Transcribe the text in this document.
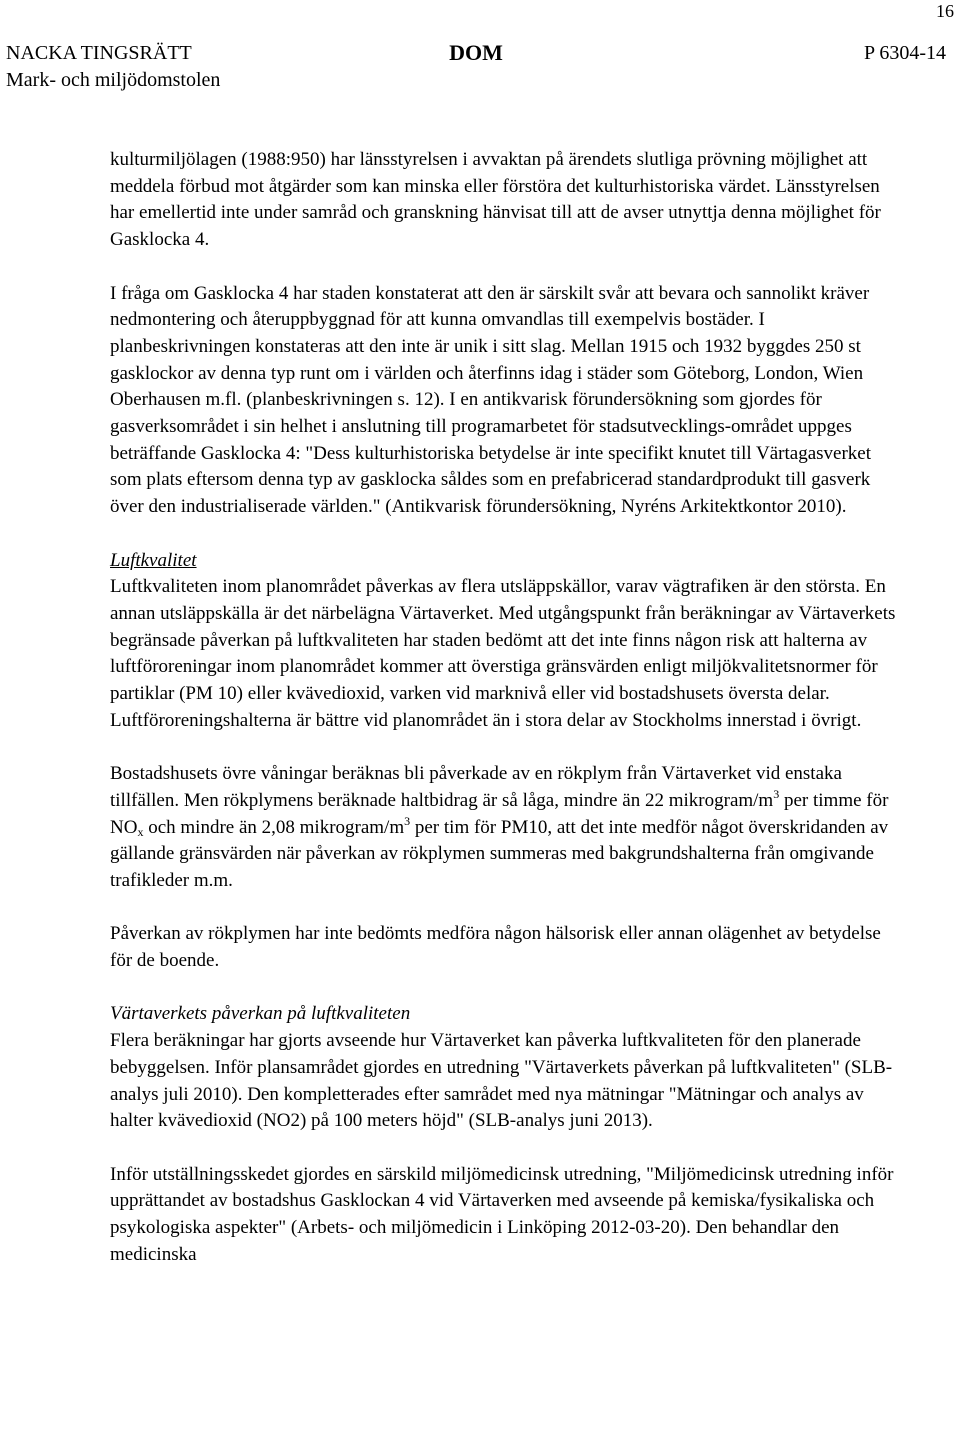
16
NACKA TINGSRÄTT
Mark- och miljödomstolen
DOM	P 6304-14

kulturmiljölagen (1988:950) har länsstyrelsen i avvaktan på ärendets slutliga prövning möjlighet att meddela förbud mot åtgärder som kan minska eller förstöra det kulturhistoriska värdet. Länsstyrelsen har emellertid inte under samråd och granskning hänvisat till att de avser utnyttja denna möjlighet för Gasklocka 4.

I fråga om Gasklocka 4 har staden konstaterat att den är särskilt svår att bevara och sannolikt kräver nedmontering och återuppbyggnad för att kunna omvandlas till exempelvis bostäder. I planbeskrivningen konstateras att den inte är unik i sitt slag. Mellan 1915 och 1932 byggdes 250 st gasklockor av denna typ runt om i världen och återfinns idag i städer som Göteborg, London, Wien Oberhausen m.fl. (planbeskrivningen s. 12). I en antikvarisk förundersökning som gjordes för gasverksområdet i sin helhet i anslutning till programarbetet för stadsutvecklings-området uppges beträffande Gasklocka 4: "Dess kulturhistoriska betydelse är inte specifikt knutet till Värtagasverket som plats eftersom denna typ av gasklocka såldes som en prefabricerad standardprodukt till gasverk över den industrialiserade världen." (Antikvarisk förundersökning, Nyréns Arkitektkontor 2010).

Luftkvalitet

Luftkvaliteten inom planområdet påverkas av flera utsläppskällor, varav vägtrafiken är den största. En annan utsläppskälla är det närbelägna Värtaverket. Med utgångspunkt från beräkningar av Värtaverkets begränsade påverkan på luftkvaliteten har staden bedömt att det inte finns någon risk att halterna av luftföroreningar inom planområdet kommer att överstiga gränsvärden enligt miljökvalitetsnormer för partiklar (PM 10) eller kvävedioxid, varken vid marknivå eller vid bostadshusets översta delar. Luftföroreningshalterna är bättre vid planområdet än i stora delar av Stockholms innerstad i övrigt.

Bostadshusets övre våningar beräknas bli påverkade av en rökplym från Värtaverket vid enstaka tillfällen. Men rökplymens beräknade haltbidrag är så låga, mindre än 22 mikrogram/$m^3$ per timme för $NO_x$ och mindre än 2,08 mikrogram/$m^3$ per tim för PM10, att det inte medför något överskridanden av gällande gränsvärden när påverkan av rökplymen summeras med bakgrundshalterna från omgivande trafikleder m.m.

Påverkan av rökplymen har inte bedömts medföra någon hälsorisk eller annan olägenhet av betydelse för de boende.

Värtaverkets påverkan på luftkvaliteten

Flera beräkningar har gjorts avseende hur Värtaverket kan påverka luftkvaliteten för den planerade bebyggelsen. Inför plansamrådet gjordes en utredning "Värtaverkets påverkan på luftkvaliteten" (SLB-analys juli 2010). Den kompletterades efter samrådet med nya mätningar "Mätningar och analys av halter kvävedioxid (NO2) på 100 meters höjd" (SLB-analys juni 2013).

Inför utställningsskedet gjordes en särskild miljömedicinsk utredning, "Miljömedicinsk utredning inför upprättandet av bostadshus Gasklockan 4 vid Värtaverken med avseende på kemiska/fysikaliska och psykologiska aspekter" (Arbets- och miljömedicin i Linköping 2012-03-20). Den behandlar den medicinska
